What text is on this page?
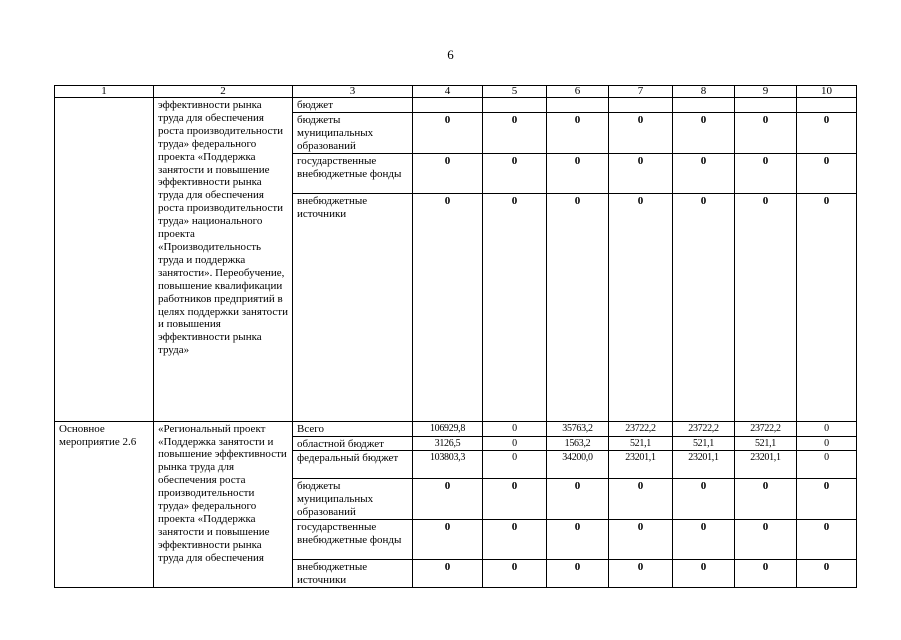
6
1	2	3	4	5	6	7	8	9	10
	эффективности рынка труда для обеспечения роста производительности труда» федерального проекта «Поддержка занятости и повышение эффективности рынка труда для обеспечения роста производительности труда» национального проекта «Производительность труда и поддержка занятости». Переобучение, повышение квалификации работников предприятий в целях поддержки занятости и повышения эффективности рынка труда»	бюджет							
		бюджеты муниципальных образований	0	0	0	0	0	0	0
		государственные внебюджетные фонды	0	0	0	0	0	0	0
		внебюджетные источники	0	0	0	0	0	0	0
Основное мероприятие 2.6	«Региональный проект «Поддержка занятости и повышение эффективности рынка труда для обеспечения роста производительности труда» федерального проекта «Поддержка занятости и повышение эффективности рынка труда для обеспечения	Всего	106929,8	0	35763,2	23722,2	23722,2	23722,2	0
		областной бюджет	3126,5	0	1563,2	521,1	521,1	521,1	0
		федеральный бюджет	103803,3	0	34200,0	23201,1	23201,1	23201,1	0
		бюджеты муниципальных образований	0	0	0	0	0	0	0
		государственные внебюджетные фонды	0	0	0	0	0	0	0
		внебюджетные источники	0	0	0	0	0	0	0
